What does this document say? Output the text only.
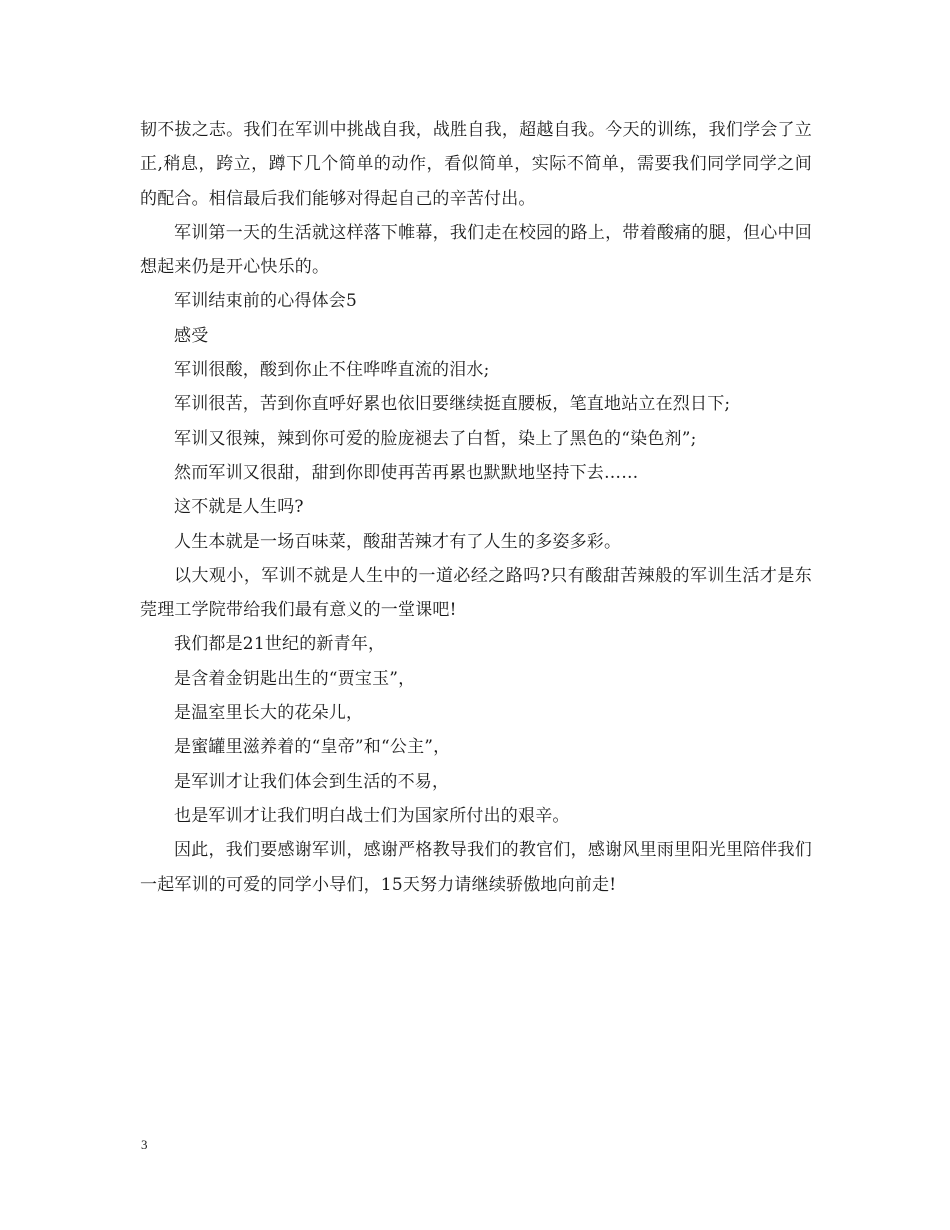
韧不拔之志。我们在军训中挑战自我，战胜自我，超越自我。今天的训练，我们学会了立正,稍息，跨立，蹲下几个简单的动作，看似简单，实际不简单，需要我们同学同学之间的配合。相信最后我们能够对得起自己的辛苦付出。

军训第一天的生活就这样落下帷幕，我们走在校园的路上，带着酸痛的腿，但心中回想起来仍是开心快乐的。

军训结束前的心得体会5

感受

军训很酸，酸到你止不住哗哗直流的泪水;

军训很苦，苦到你直呼好累也依旧要继续挺直腰板，笔直地站立在烈日下;

军训又很辣，辣到你可爱的脸庞褪去了白皙，染上了黑色的“染色剂”;

然而军训又很甜，甜到你即使再苦再累也默默地坚持下去……

这不就是人生吗?

人生本就是一场百味菜，酸甜苦辣才有了人生的多姿多彩。

以大观小，军训不就是人生中的一道必经之路吗?只有酸甜苦辣般的军训生活才是东莞理工学院带给我们最有意义的一堂课吧!

我们都是21世纪的新青年，

是含着金钥匙出生的“贾宝玉”，

是温室里长大的花朵儿，

是蜜罐里滋养着的“皇帝”和“公主”，

是军训才让我们体会到生活的不易，

也是军训才让我们明白战士们为国家所付出的艰辛。

因此，我们要感谢军训，感谢严格教导我们的教官们，感谢风里雨里阳光里陪伴我们一起军训的可爱的同学小导们，15天努力请继续骄傲地向前走!

3
